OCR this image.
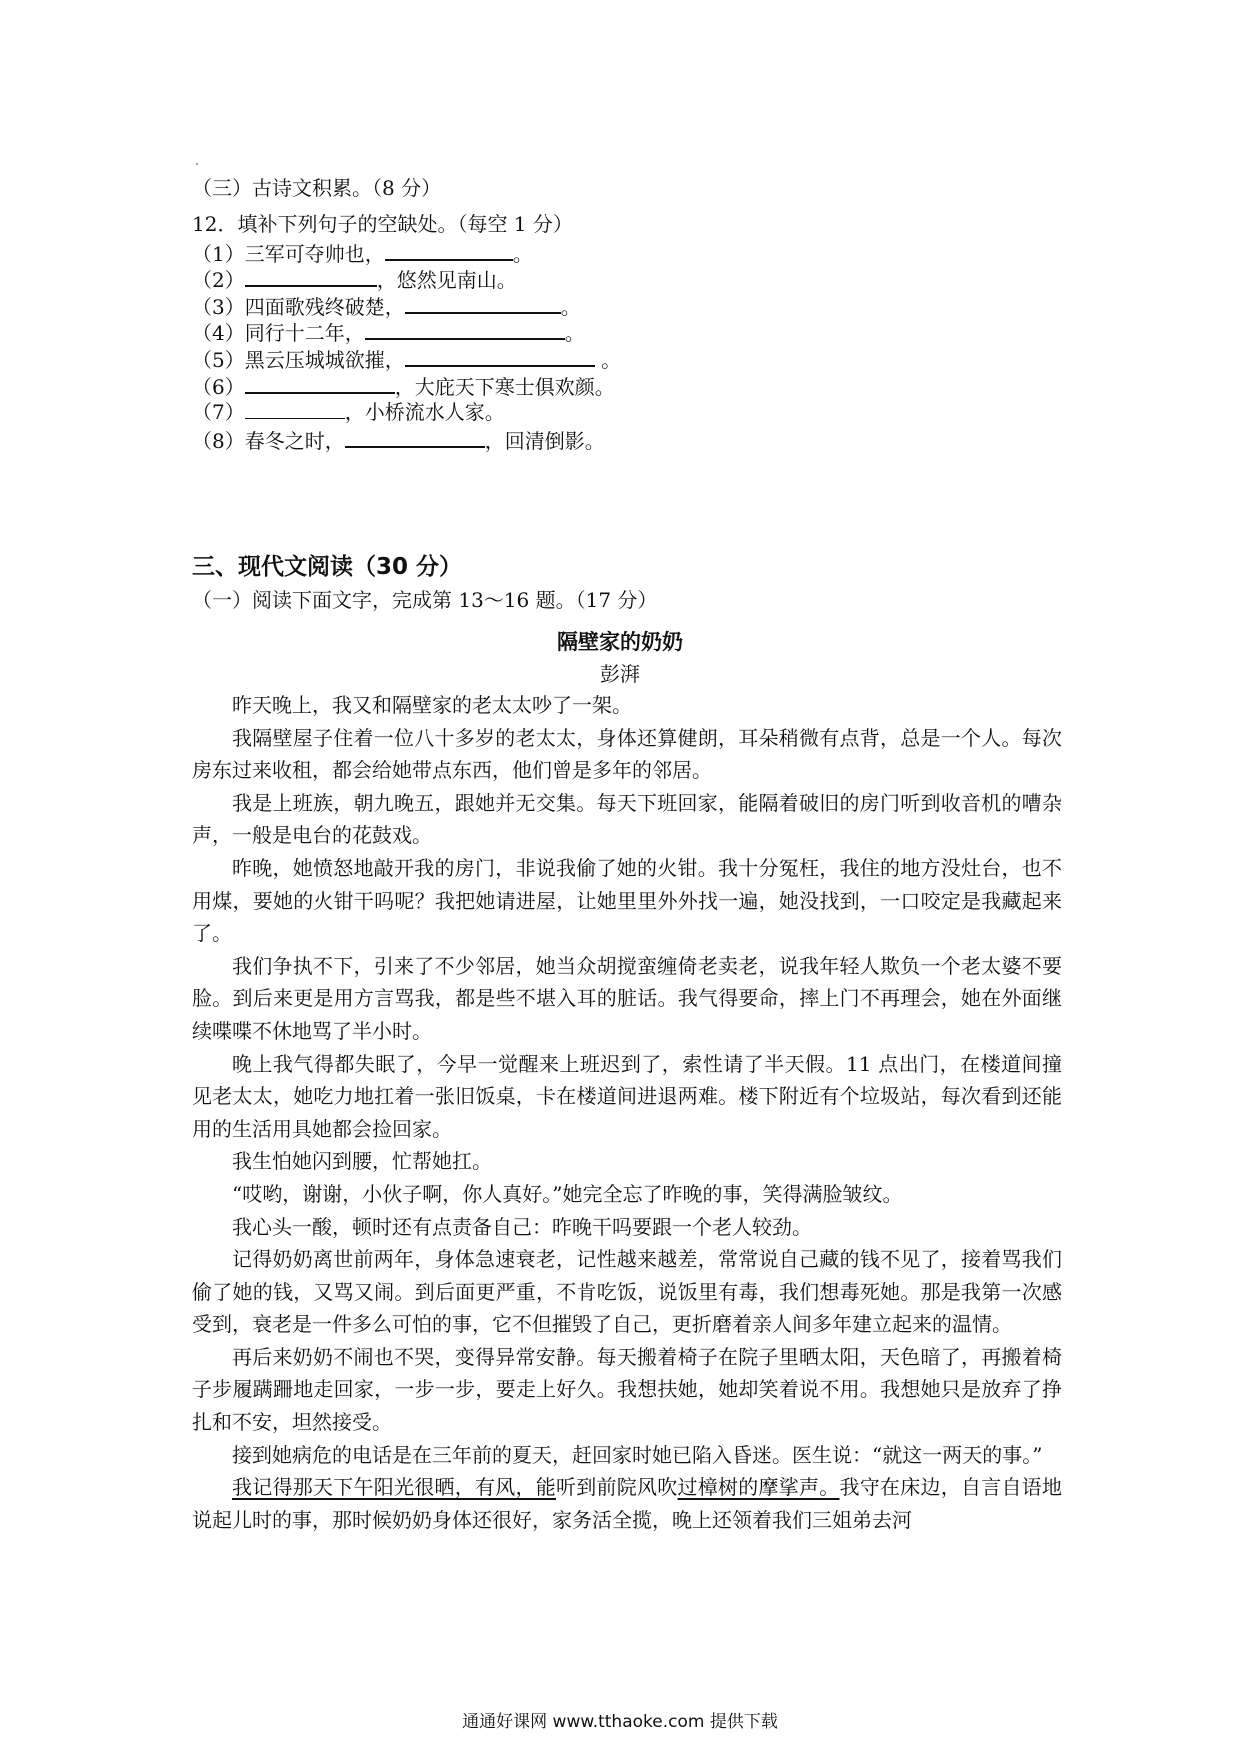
（三）古诗文积累。（8 分）
12．填补下列句子的空缺处。（每空 1 分）
（1）三军可夺帅也，	。
（2）	，悠然见南山。
（3）四面歌残终破楚，	。
（4）同行十二年，	。
（5）黑云压城城欲摧，	。
（6）	，大庇天下寒士俱欢颜。
（7）	，小桥流水人家。
（8）春冬之时，	，回清倒影。
三、现代文阅读（30 分）
（一）阅读下面文字，完成第 13～16 题。（17 分）
隔壁家的奶奶
彭湃

昨天晚上，我又和隔壁家的老太太吵了一架。

我隔壁屋子住着一位八十多岁的老太太，身体还算健朗，耳朵稍微有点背，总是一个人。每次房东过来收租，都会给她带点东西，他们曾是多年的邻居。

我是上班族，朝九晚五，跟她并无交集。每天下班回家，能隔着破旧的房门听到收音机的嘈杂声，一般是电台的花鼓戏。

昨晚，她愤怒地敲开我的房门，非说我偷了她的火钳。我十分冤枉，我住的地方没灶台，也不用煤，要她的火钳干吗呢？我把她请进屋，让她里里外外找一遍，她没找到，一口咬定是我藏起来了。

我们争执不下，引来了不少邻居，她当众胡搅蛮缠倚老卖老，说我年轻人欺负一个老太婆不要脸。到后来更是用方言骂我，都是些不堪入耳的脏话。我气得要命，摔上门不再理会，她在外面继续喋喋不休地骂了半小时。

晚上我气得都失眠了，今早一觉醒来上班迟到了，索性请了半天假。11 点出门，在楼道间撞见老太太，她吃力地扛着一张旧饭桌，卡在楼道间进退两难。楼下附近有个垃圾站，每次看到还能用的生活用具她都会捡回家。

我生怕她闪到腰，忙帮她扛。

“哎哟，谢谢，小伙子啊，你人真好。”她完全忘了昨晚的事，笑得满脸皱纹。

我心头一酸，顿时还有点责备自己：昨晚干吗要跟一个老人较劲。

记得奶奶离世前两年，身体急速衰老，记性越来越差，常常说自己藏的钱不见了，接着骂我们偷了她的钱，又骂又闹。到后面更严重，不肯吃饭，说饭里有毒，我们想毒死她。那是我第一次感受到，衰老是一件多么可怕的事，它不但摧毁了自己，更折磨着亲人间多年建立起来的温情。

再后来奶奶不闹也不哭，变得异常安静。每天搬着椅子在院子里晒太阳，天色暗了，再搬着椅子步履蹒跚地走回家，一步一步，要走上好久。我想扶她，她却笑着说不用。我想她只是放弃了挣扎和不安，坦然接受。

接到她病危的电话是在三年前的夏天，赶回家时她已陷入昏迷。医生说：“就这一两天的事。”

我记得那天下午阳光很晒，有风，能听到前院风吹过樟树的摩挲声。我守在床边，自言自语地说起儿时的事，那时候奶奶身体还很好，家务活全揽，晚上还领着我们三姐弟去河

通通好课网 www.tthaoke.com 提供下载
